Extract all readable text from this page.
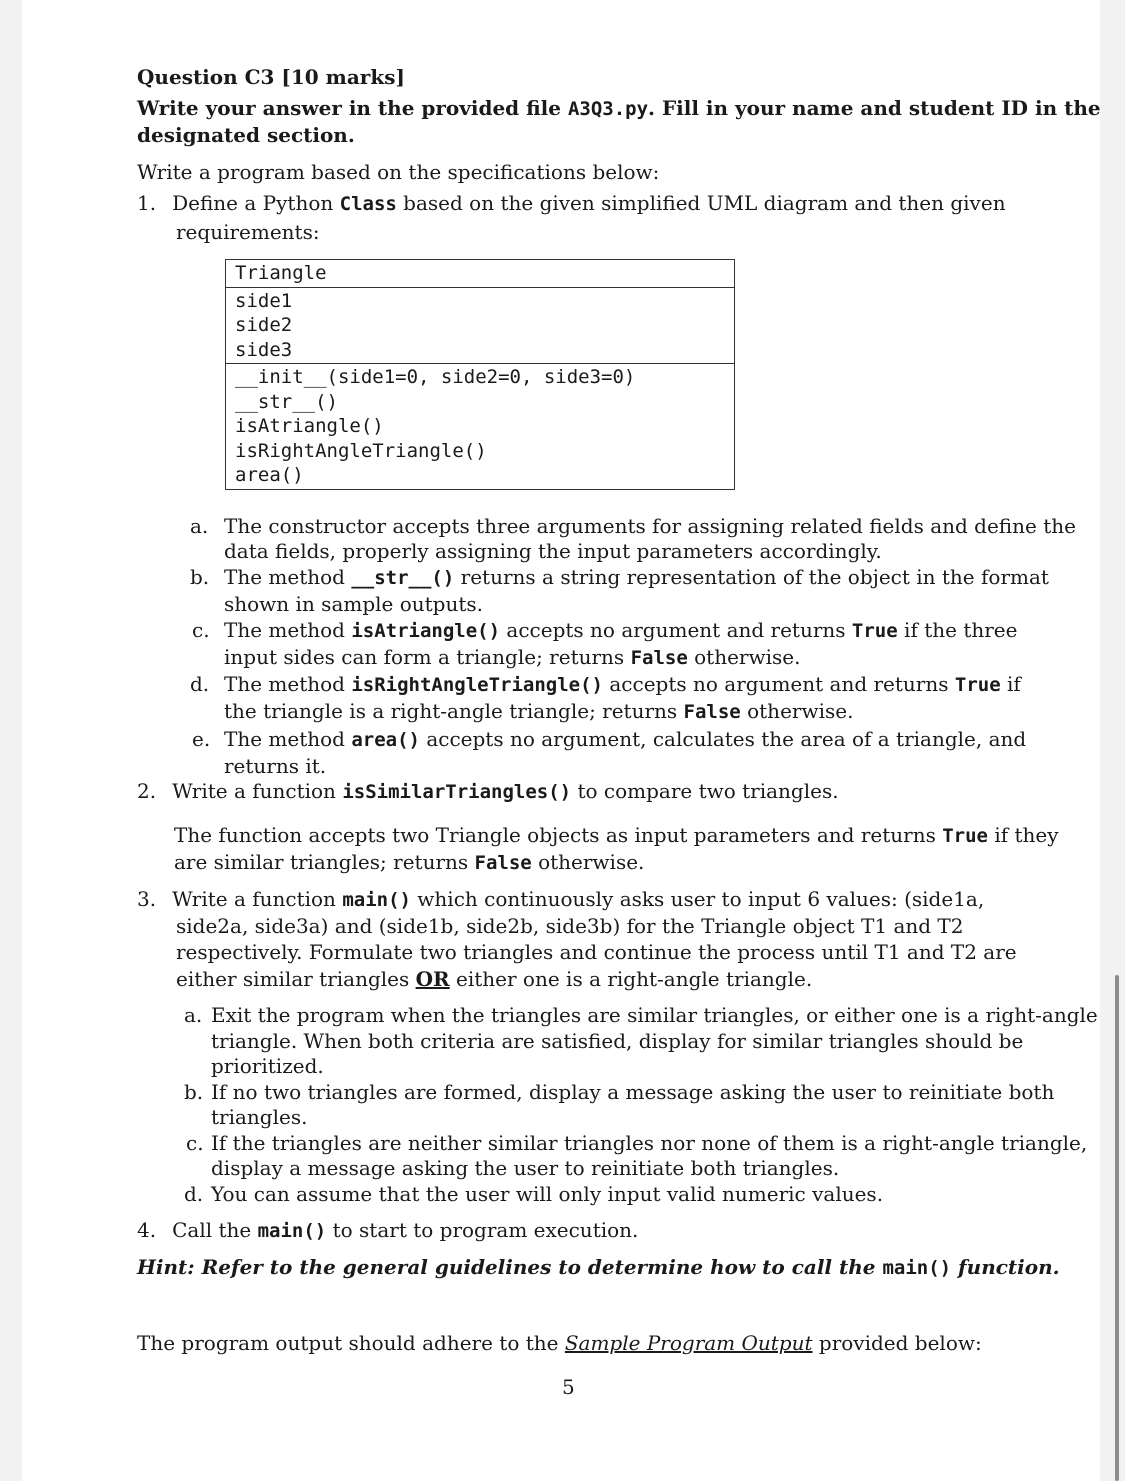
Question C3 [10 marks]
Write your answer in the provided file A3Q3.py. Fill in your name and student ID in the
designated section.
Write a program based on the specifications below:
1. Define a Python Class based on the given simplified UML diagram and then given
requirements:
Triangle
side1
side2
side3
__init__(side1=0, side2=0, side3=0)
__str__()
isAtriangle()
isRightAngleTriangle()
area()
a. The constructor accepts three arguments for assigning related fields and define the
data fields, properly assigning the input parameters accordingly.
b. The method __str__() returns a string representation of the object in the format
shown in sample outputs.
c. The method isAtriangle() accepts no argument and returns True if the three
input sides can form a triangle; returns False otherwise.
d. The method isRightAngleTriangle() accepts no argument and returns True if
the triangle is a right-angle triangle; returns False otherwise.
e. The method area() accepts no argument, calculates the area of a triangle, and
returns it.
2. Write a function isSimilarTriangles() to compare two triangles.
The function accepts two Triangle objects as input parameters and returns True if they
are similar triangles; returns False otherwise.
3. Write a function main() which continuously asks user to input 6 values: (side1a,
side2a, side3a) and (side1b, side2b, side3b) for the Triangle object T1 and T2
respectively. Formulate two triangles and continue the process until T1 and T2 are
either similar triangles OR either one is a right-angle triangle.
a. Exit the program when the triangles are similar triangles, or either one is a right-angle
triangle. When both criteria are satisfied, display for similar triangles should be
prioritized.
b. If no two triangles are formed, display a message asking the user to reinitiate both
triangles.
c. If the triangles are neither similar triangles nor none of them is a right-angle triangle,
display a message asking the user to reinitiate both triangles.
d. You can assume that the user will only input valid numeric values.
4. Call the main() to start to program execution.
Hint: Refer to the general guidelines to determine how to call the main() function.
The program output should adhere to the Sample Program Output provided below:
5
